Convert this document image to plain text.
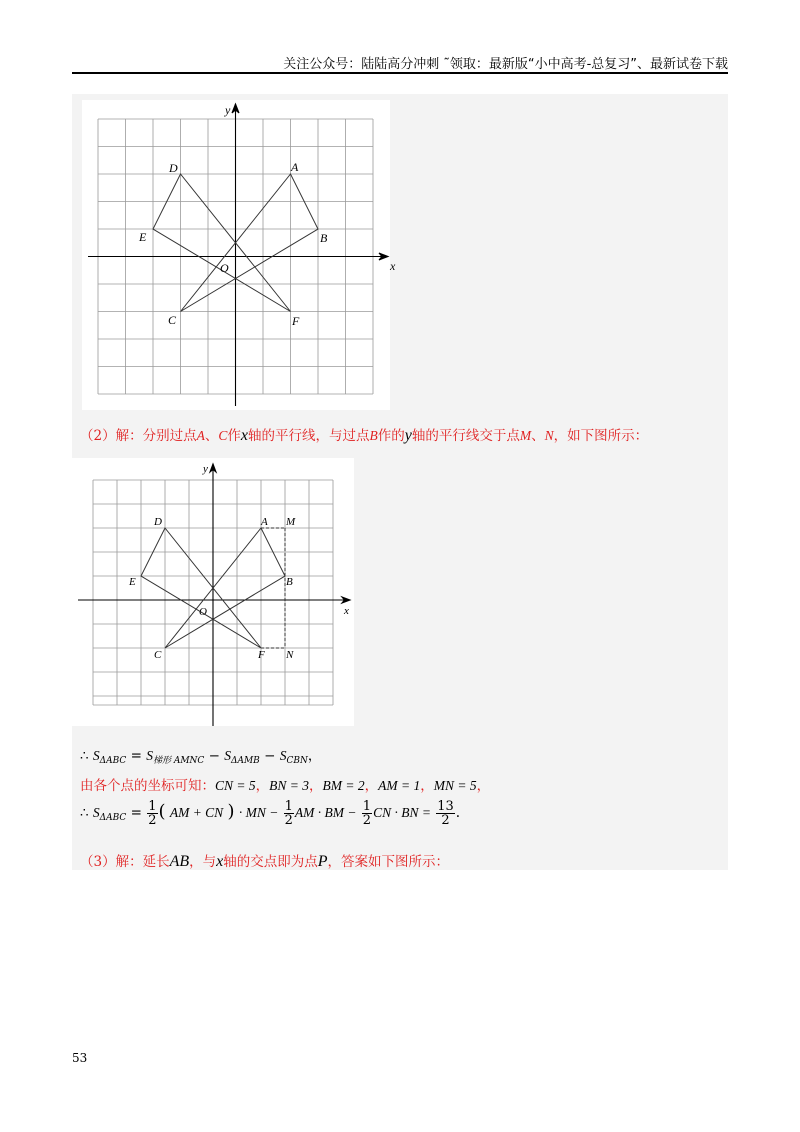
关注公众号：陆陆高分冲刺 ˜领取：最新版“小中高考-总复习”、最新试卷下载
y
x
O
A
B
C
D
E
F
（2）解：分别过点A、C作x轴的平行线，与过点B作的y轴的平行线交于点M、N，如下图所示：
y
x
O
A M
B
C
D
E
F N
∴ $S_{\Delta ABC} = S_{梯形 AMNC} - S_{\Delta AMB} - S_{CBN}$，
由各个点的坐标可知：CN = 5，BN = 3，BM = 2，AM = 1，MN = 5，
∴ $S_{\Delta ABC} = \frac{1}{2}$ ( AM + CN ) · MN − $\frac{1}{2}$ AM · BM − $\frac{1}{2}$ CN · BN = $\frac{13}{2}$ .
（3）解：延长AB，与x轴的交点即为点P，答案如下图所示：
53
